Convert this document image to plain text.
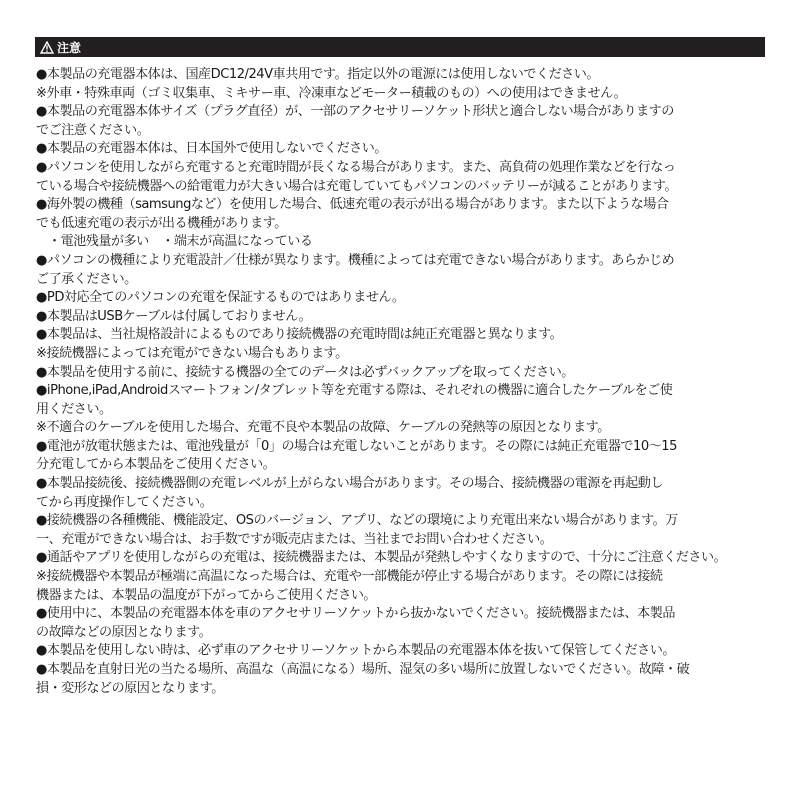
注意
●本製品の充電器本体は、国産DC12/24V車共用です。指定以外の電源には使用しないでください。
※外車・特殊車両（ゴミ収集車、ミキサー車、冷凍車などモーター積載のもの）への使用はできません。
●本製品の充電器本体サイズ（プラグ直径）が、一部のアクセサリーソケット形状と適合しない場合がありますの
でご注意ください。
●本製品の充電器本体は、日本国外で使用しないでください。
●パソコンを使用しながら充電すると充電時間が長くなる場合があります。また、高負荷の処理作業などを行なっ
ている場合や接続機器への給電電力が大きい場合は充電していてもパソコンのバッテリーが減ることがあります。
●海外製の機種（samsungなど）を使用した場合、低速充電の表示が出る場合があります。また以下ような場合
でも低速充電の表示が出る機種があります。
・電池残量が多い　・端末が高温になっている
●パソコンの機種により充電設計／仕様が異なります。機種によっては充電できない場合があります。あらかじめ
ご了承ください。
●PD対応全てのパソコンの充電を保証するものではありません。
●本製品はUSBケーブルは付属しておりません。
●本製品は、当社規格設計によるものであり接続機器の充電時間は純正充電器と異なります。
※接続機器によっては充電ができない場合もあります。
●本製品を使用する前に、接続する機器の全てのデータは必ずバックアップを取ってください。
●iPhone,iPad,Androidスマートフォン/タブレット等を充電する際は、それぞれの機器に適合したケーブルをご使
用ください。
※不適合のケーブルを使用した場合、充電不良や本製品の故障、ケーブルの発熱等の原因となります。
●電池が放電状態または、電池残量が「0」の場合は充電しないことがあります。その際には純正充電器で10〜15
分充電してから本製品をご使用ください。
●本製品接続後、接続機器側の充電レベルが上がらない場合があります。その場合、接続機器の電源を再起動し
てから再度操作してください。
●接続機器の各種機能、機能設定、OSのバージョン、アプリ、などの環境により充電出来ない場合があります。万
一、充電ができない場合は、お手数ですが販売店または、当社までお問い合わせください。
●通話やアプリを使用しながらの充電は、接続機器または、本製品が発熱しやすくなりますので、十分にご注意ください。
※接続機器や本製品が極端に高温になった場合は、充電や一部機能が停止する場合があります。その際には接続
機器または、本製品の温度が下がってからご使用ください。
●使用中に、本製品の充電器本体を車のアクセサリーソケットから抜かないでください。接続機器または、本製品
の故障などの原因となります。
●本製品を使用しない時は、必ず車のアクセサリーソケットから本製品の充電器本体を抜いて保管してください。
●本製品を直射日光の当たる場所、高温な（高温になる）場所、湿気の多い場所に放置しないでください。故障・破
損・変形などの原因となります。
